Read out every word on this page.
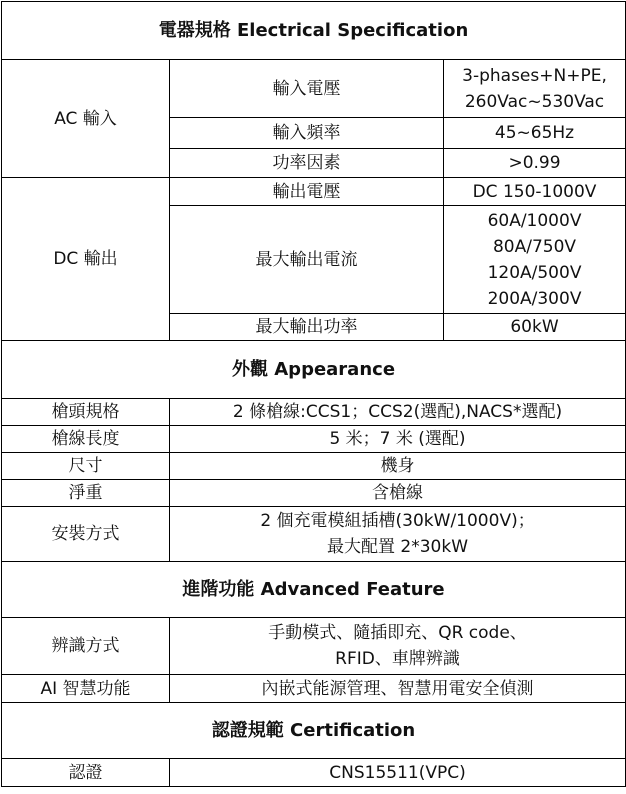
電器規格 Electrical Specification		
AC 輸入	輸入電壓	3-phases+N+PE,
260Vac~530Vac

	輸入頻率	45~65Hz
	功率因素	>0.99
DC 輸出	輸出電壓	DC 150-1000V
	最大輸出電流	60A/1000V
80A/750V
120A/500V
200A/300V

	最大輸出功率	60kW
外觀 Appearance		
槍頭規格	2 條槍線:CCS1；CCS2(選配),NACS*選配)	
槍線長度	5 米；7 米 (選配)	
尺寸	機身	
淨重	含槍線	
安裝方式	2 個充電模組插槽(30kW/1000V)；
最大配置 2*30kW	

進階功能 Advanced Feature		
辨識方式	手動模式、隨插即充、QR code、
RFID、車牌辨識	

AI 智慧功能	內嵌式能源管理、智慧用電安全偵測	
認證規範 Certification		
認證	CNS15511(VPC)	
